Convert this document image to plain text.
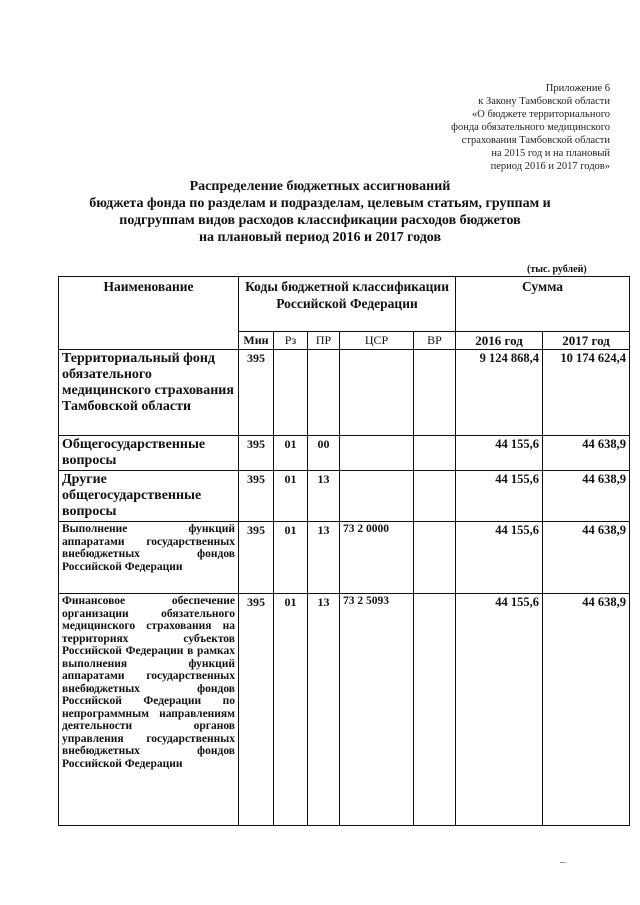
Приложение 6
к Закону Тамбовской области
«О бюджете территориального
фонда обязательного медицинского
страхования Тамбовской области
на 2015 год и на плановый
период 2016 и 2017 годов»
Распределение бюджетных ассигнований
бюджета фонда по разделам и подразделам, целевым статьям, группам и
подгруппам видов расходов классификации расходов бюджетов
на плановый период 2016 и 2017 годов
(тыс. рублей)
Наименование	Коды бюджетной классификации Российской Федерации					Сумма	
	Мин	Рз	ПР	ЦСР	ВР	2016 год	2017 год
Территориальный фонд обязательного медицинского страхования Тамбовской области	395					9 124 868,4	10 174 624,4
Общегосударственные вопросы	395	01	00			44 155,6	44 638,9
Другие общегосударственные вопросы	395	01	13			44 155,6	44 638,9
Выполнение функций аппаратами государственных внебюджетных фондов Российской Федерации	395	01	13	73 2 0000		44 155,6	44 638,9
Финансовое обеспечение организации обязательного медицинского страхования на территориях субъектов Российской Федерации в рамках выполнения функций аппаратами государственных внебюджетных фондов Российской Федерации по непрограммным направлениям деятельности органов управления государственных внебюджетных фондов Российской Федерации	395	01	13	73 2 5093		44 155,6	44 638,9
